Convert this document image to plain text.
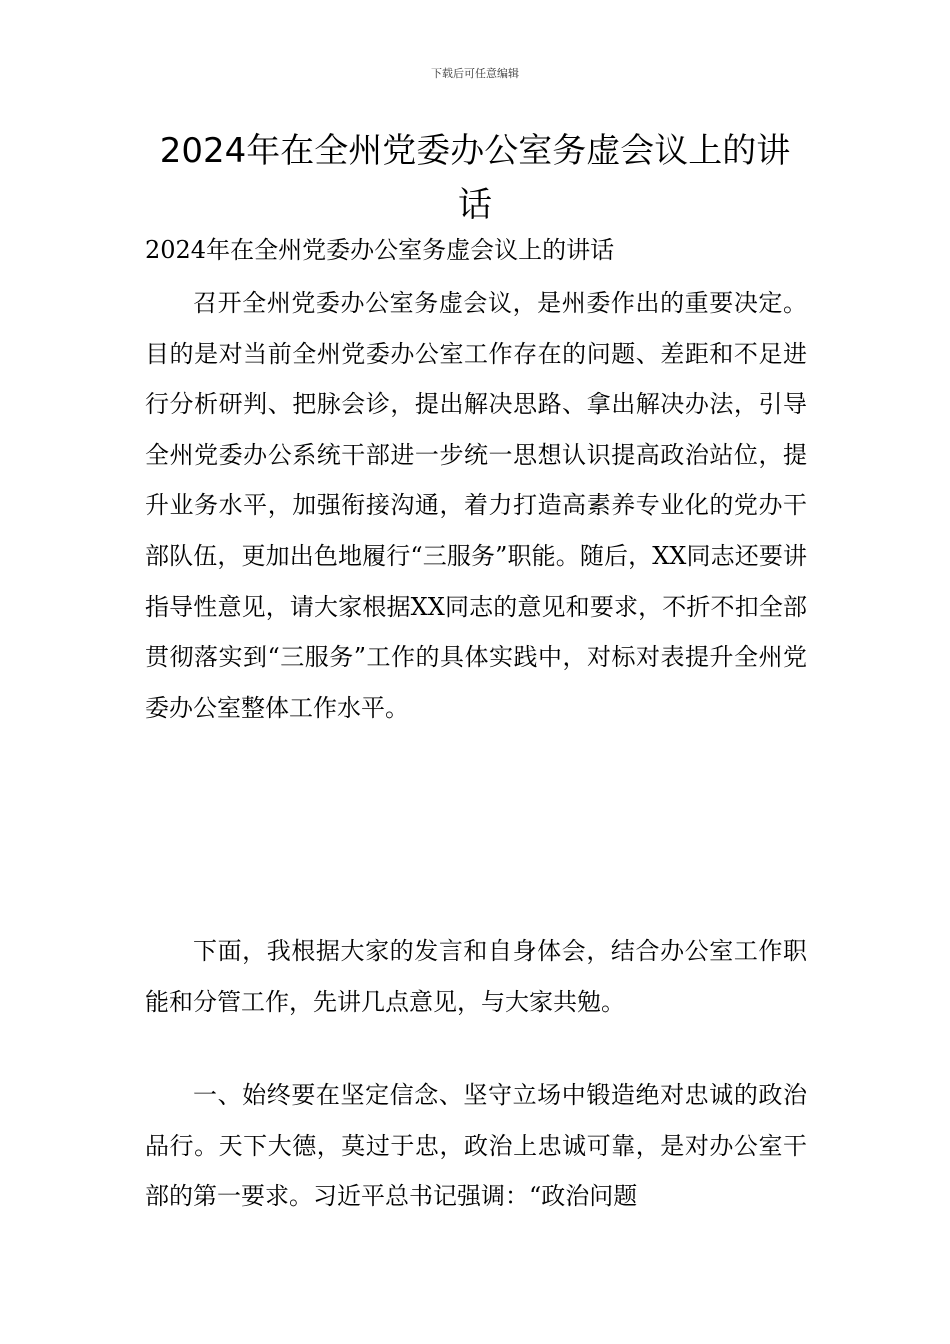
下载后可任意编辑
2024年在全州党委办公室务虚会议上的讲话
2024年在全州党委办公室务虚会议上的讲话

召开全州党委办公室务虚会议，是州委作出的重要决定。目的是对当前全州党委办公室工作存在的问题、差距和不足进行分析研判、把脉会诊，提出解决思路、拿出解决办法，引导全州党委办公系统干部进一步统一思想认识提高政治站位，提升业务水平，加强衔接沟通，着力打造高素养专业化的党办干部队伍，更加出色地履行“三服务”职能。随后，XX同志还要讲指导性意见，请大家根据XX同志的意见和要求，不折不扣全部贯彻落实到“三服务”工作的具体实践中，对标对表提升全州党委办公室整体工作水平。

下面，我根据大家的发言和自身体会，结合办公室工作职能和分管工作，先讲几点意见，与大家共勉。

一、始终要在坚定信念、坚守立场中锻造绝对忠诚的政治品行。天下大德，莫过于忠，政治上忠诚可靠，是对办公室干部的第一要求。习近平总书记强调：“政治问题
